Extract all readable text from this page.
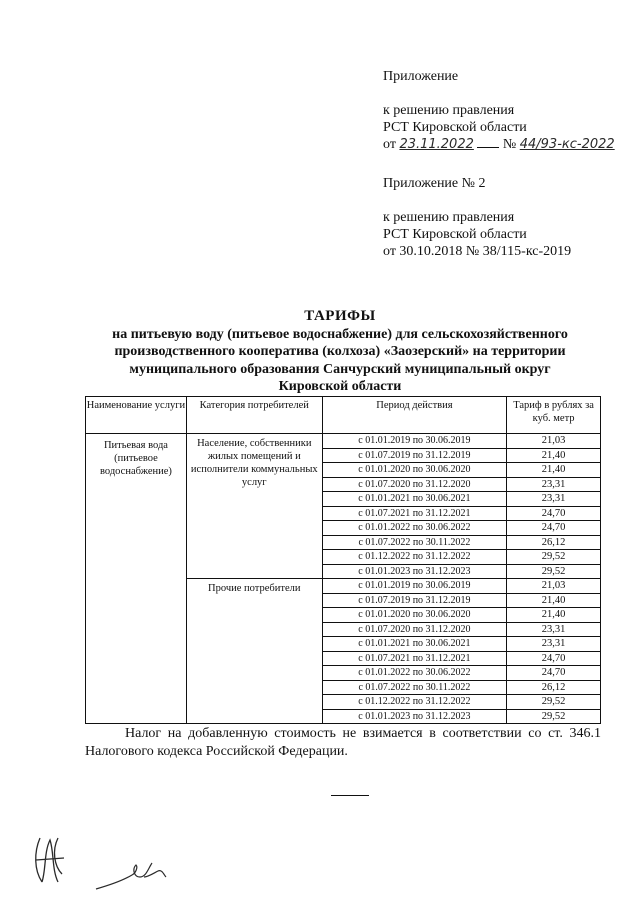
Приложение
к решению правления
РСТ Кировской области
от 23.11.2022 № 44/93-кс-2022
Приложение № 2
к решению правления
РСТ Кировской области
от 30.10.2018 № 38/115-кс-2019
ТАРИФЫ
на питьевую воду (питьевое водоснабжение) для сельскохозяйственного
производственного кооператива (колхоза) «Заозерский» на территории
муниципального образования Санчурский муниципальный округ
Кировской области
Наименование услуги	Категория потребителей	Период действия	Тариф в рублях за куб. метр
Питьевая вода (питьевое водоснабжение)	Население, собственники жилых помещений и исполнители коммунальных услуг	с 01.01.2019 по 30.06.2019	21,03
		с 01.07.2019 по 31.12.2019	21,40
		с 01.01.2020 по 30.06.2020	21,40
		с 01.07.2020 по 31.12.2020	23,31
		с 01.01.2021 по 30.06.2021	23,31
		с 01.07.2021 по 31.12.2021	24,70
		с 01.01.2022 по 30.06.2022	24,70
		с 01.07.2022 по 30.11.2022	26,12
		с 01.12.2022 по 31.12.2022	29,52
		с 01.01.2023 по 31.12.2023	29,52
	Прочие потребители	с 01.01.2019 по 30.06.2019	21,03
		с 01.07.2019 по 31.12.2019	21,40
		с 01.01.2020 по 30.06.2020	21,40
		с 01.07.2020 по 31.12.2020	23,31
		с 01.01.2021 по 30.06.2021	23,31
		с 01.07.2021 по 31.12.2021	24,70
		с 01.01.2022 по 30.06.2022	24,70
		с 01.07.2022 по 30.11.2022	26,12
		с 01.12.2022 по 31.12.2022	29,52
		с 01.01.2023 по 31.12.2023	29,52
Налог на добавленную стоимость не взимается в соответствии со ст. 346.1 Налогового кодекса Российской Федерации.
